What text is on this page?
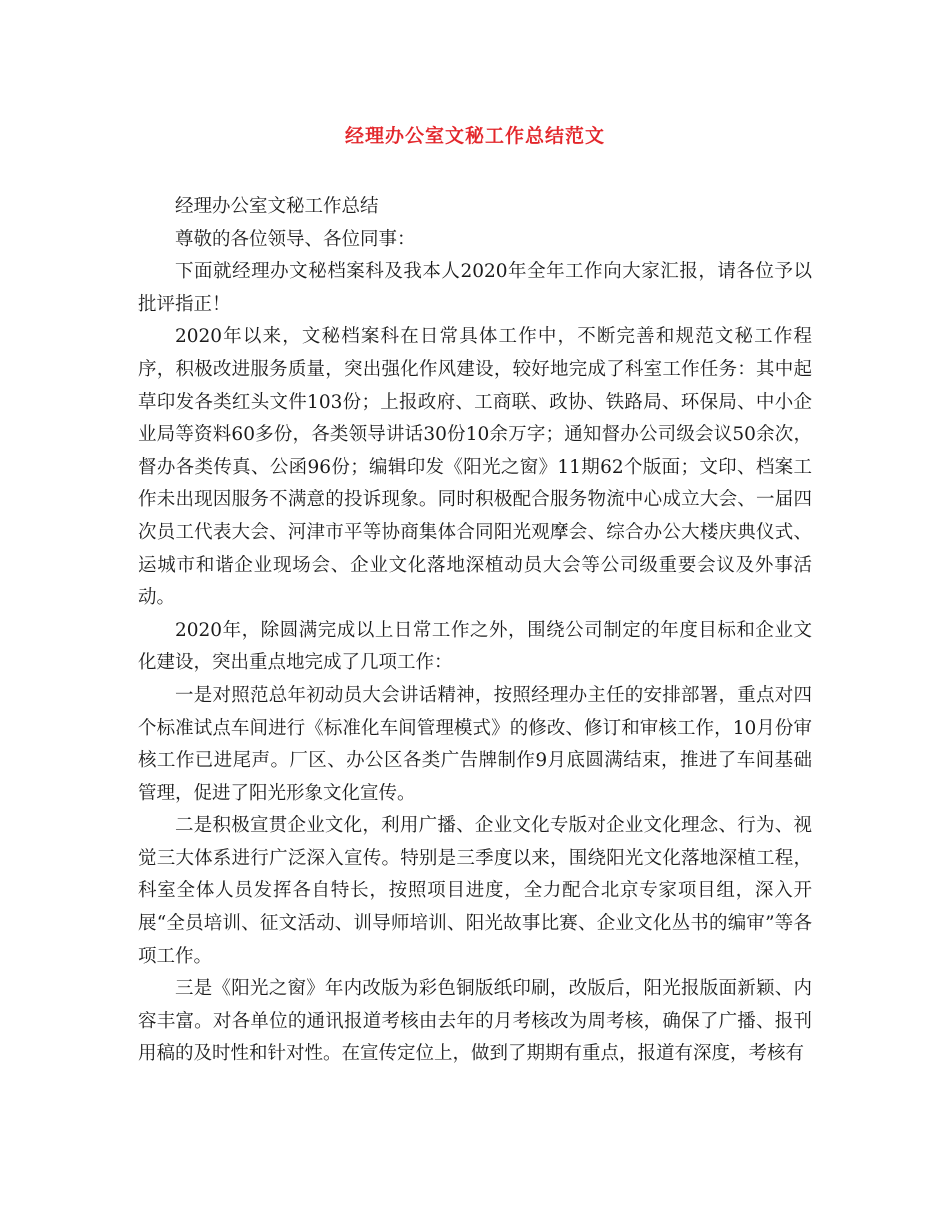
经理办公室文秘工作总结范文

经理办公室文秘工作总结

尊敬的各位领导、各位同事：

下面就经理办文秘档案科及我本人2020年全年工作向大家汇报，请各位予以批评指正！

2020年以来，文秘档案科在日常具体工作中，不断完善和规范文秘工作程序，积极改进服务质量，突出强化作风建设，较好地完成了科室工作任务：其中起草印发各类红头文件103份；上报政府、工商联、政协、铁路局、环保局、中小企业局等资料60多份，各类领导讲话30份10余万字；通知督办公司级会议50余次，督办各类传真、公函96份；编辑印发《阳光之窗》11期62个版面；文印、档案工作未出现因服务不满意的投诉现象。同时积极配合服务物流中心成立大会、一届四次员工代表大会、河津市平等协商集体合同阳光观摩会、综合办公大楼庆典仪式、运城市和谐企业现场会、企业文化落地深植动员大会等公司级重要会议及外事活动。

2020年，除圆满完成以上日常工作之外，围绕公司制定的年度目标和企业文化建设，突出重点地完成了几项工作：

一是对照范总年初动员大会讲话精神，按照经理办主任的安排部署，重点对四个标准试点车间进行《标准化车间管理模式》的修改、修订和审核工作，10月份审核工作已进尾声。厂区、办公区各类广告牌制作9月底圆满结束，推进了车间基础管理，促进了阳光形象文化宣传。

二是积极宣贯企业文化，利用广播、企业文化专版对企业文化理念、行为、视觉三大体系进行广泛深入宣传。特别是三季度以来，围绕阳光文化落地深植工程，科室全体人员发挥各自特长，按照项目进度，全力配合北京专家项目组，深入开展“全员培训、征文活动、训导师培训、阳光故事比赛、企业文化丛书的编审”等各项工作。

三是《阳光之窗》年内改版为彩色铜版纸印刷，改版后，阳光报版面新颖、内容丰富。对各单位的通讯报道考核由去年的月考核改为周考核，确保了广播、报刊用稿的及时性和针对性。在宣传定位上，做到了期期有重点，报道有深度，考核有
